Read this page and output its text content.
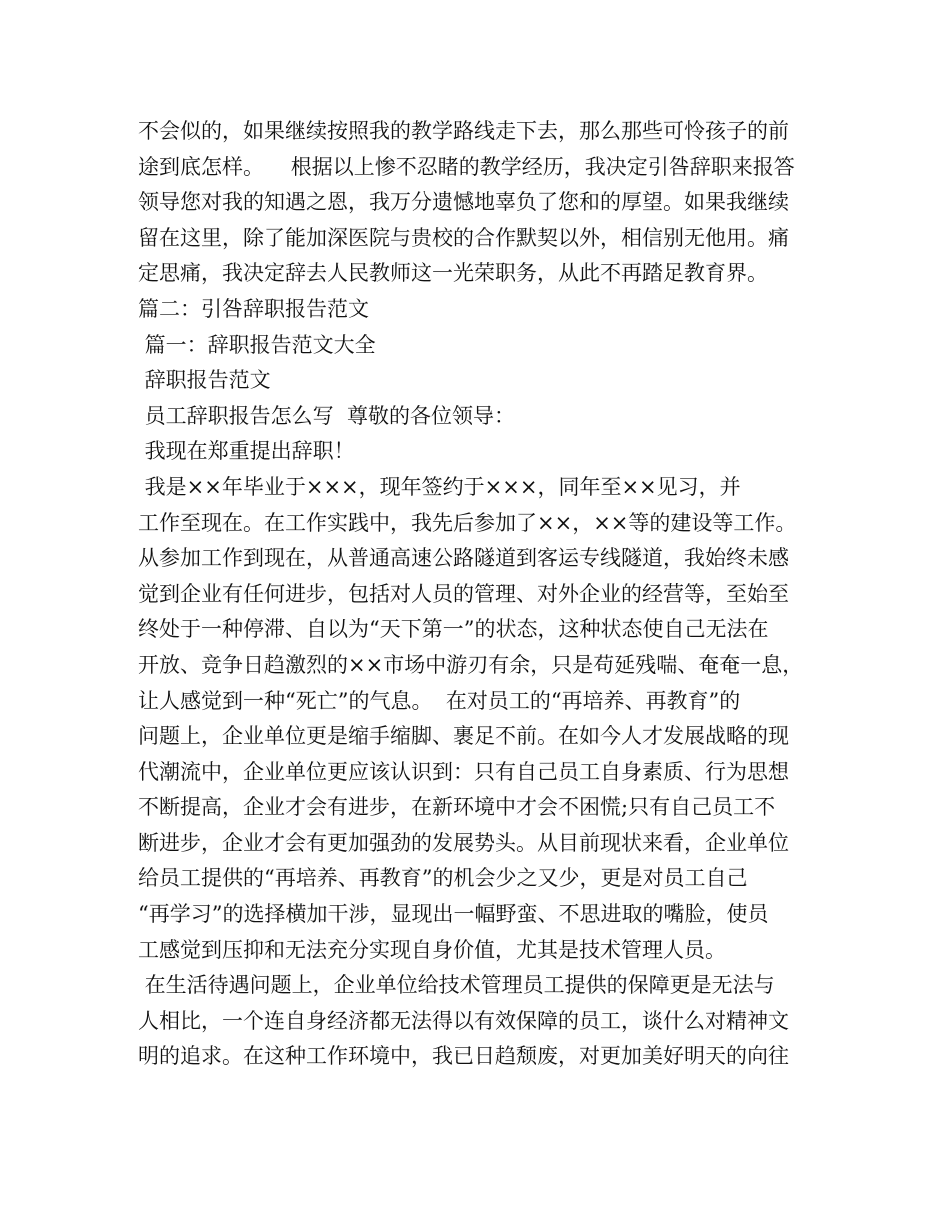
不会似的，如果继续按照我的教学路线走下去，那么那些可怜孩子的前
途到底怎样。    根据以上惨不忍睹的教学经历，我决定引咎辞职来报答
领导您对我的知遇之恩，我万分遗憾地辜负了您和的厚望。如果我继续
留在这里，除了能加深医院与贵校的合作默契以外，相信别无他用。痛
定思痛，我决定辞去人民教师这一光荣职务，从此不再踏足教育界。
篇二：引咎辞职报告范文
篇一：辞职报告范文大全
辞职报告范文
员工辞职报告怎么写  尊敬的各位领导：
我现在郑重提出辞职！
我是××年毕业于×××，现年签约于×××，同年至××见习，并
工作至现在。在工作实践中，我先后参加了××，××等的建设等工作。
从参加工作到现在，从普通高速公路隧道到客运专线隧道，我始终未感
觉到企业有任何进步，包括对人员的管理、对外企业的经营等，至始至
终处于一种停滞、自以为“天下第一”的状态，这种状态使自己无法在
开放、竞争日趋激烈的××市场中游刃有余，只是苟延残喘、奄奄一息，
让人感觉到一种“死亡”的气息。  在对员工的“再培养、再教育”的
问题上，企业单位更是缩手缩脚、裹足不前。在如今人才发展战略的现
代潮流中，企业单位更应该认识到：只有自己员工自身素质、行为思想
不断提高，企业才会有进步，在新环境中才会不困慌;只有自己员工不
断进步，企业才会有更加强劲的发展势头。从目前现状来看，企业单位
给员工提供的“再培养、再教育”的机会少之又少，更是对员工自己
“再学习”的选择横加干涉，显现出一幅野蛮、不思进取的嘴脸，使员
工感觉到压抑和无法充分实现自身价值，尤其是技术管理人员。
在生活待遇问题上，企业单位给技术管理员工提供的保障更是无法与
人相比，一个连自身经济都无法得以有效保障的员工，谈什么对精神文
明的追求。在这种工作环境中，我已日趋颓废，对更加美好明天的向往
